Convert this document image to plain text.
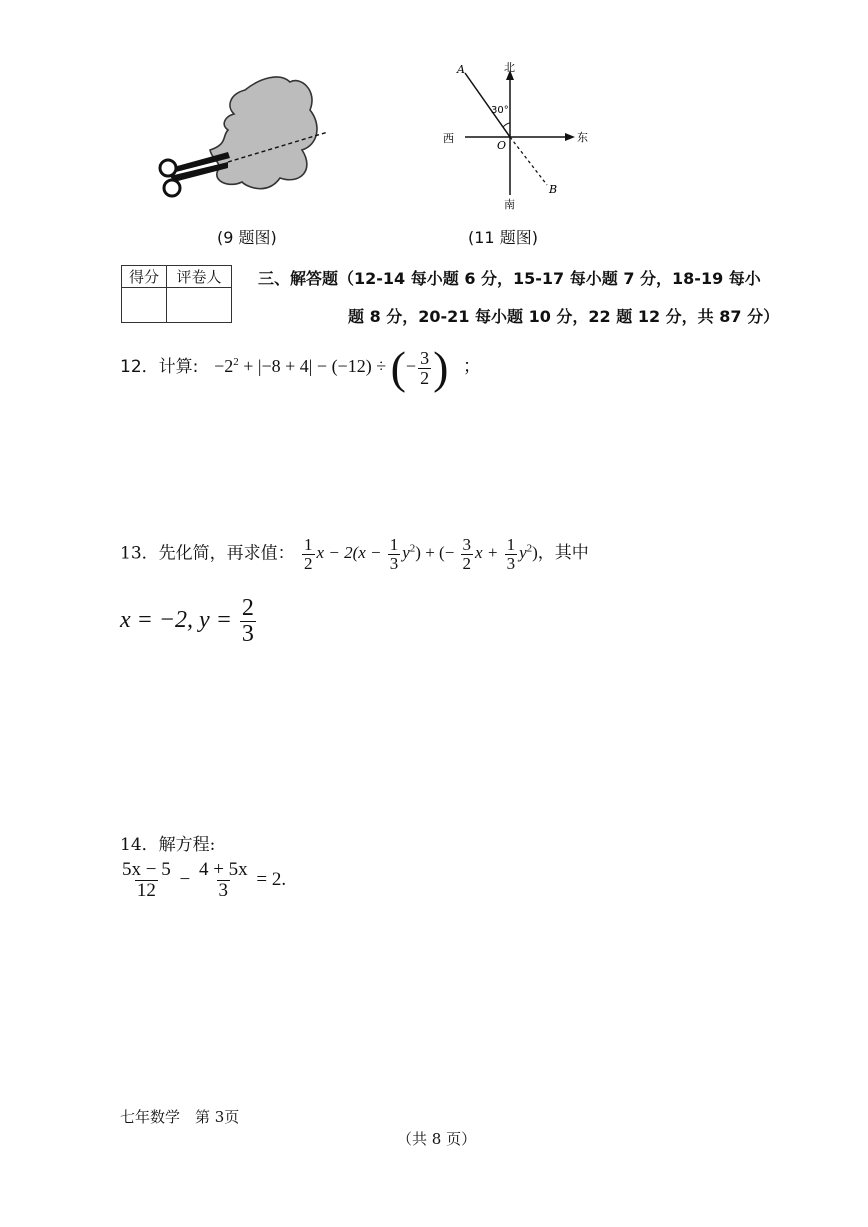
(9 题图)
北
南
东
西
O
A
B
30°
(11 题图)
得分	评卷人
	三、解答题（12-14 每小题 6 分，15-17 每小题 7 分，18-19 每小
题 8 分，20-21 每小题 10 分，22 题 12 分，共 87 分）
12．计算: $-2^2 + |-8 + 4| - (-12)$ ÷ (− $\frac{3}{2}$ ) ；
13．先化简，再求值： $\frac{1}{2}$ $x - 2(x - \frac{1}{3} y^2)$ + (− $\frac{3}{2}$ $x + \frac{1}{3} y^2$)，其中
x = −2, $y = \frac{2}{3}$
14．解方程:
$\frac{5x - 5}{12} - \frac{4 + 5x}{3} = 2$.
七年数学　第 3页
（共 8 页）
